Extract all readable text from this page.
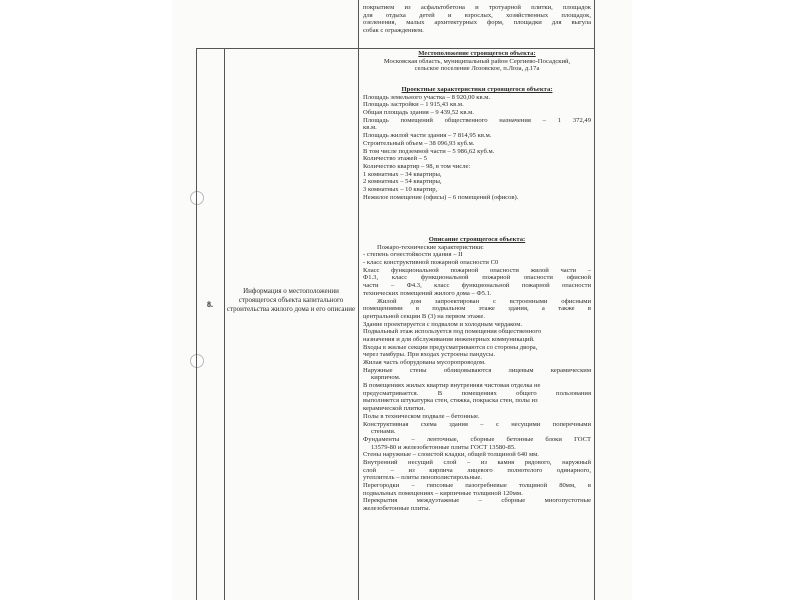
8.
Информация о местоположении строящегося объекта капитального строительства жилого дома и его описание
покрытием из асфальтобетона и тротуарной плитки, площадок
для отдыха детей и взрослых, хозяйственных площадок,
озеленения, малых архитектурных форм, площадки для выгула
собак с ограждением.
Местоположение строящегося объекта:
Московская область, муниципальный район Сергиево-Посадский, сельское поселение Лозовское, п.Лоза, д.17а
Проектные характеристики строящегося объекта:
Площадь земельного участка – 8 920,00 кв.м.
Площадь застройки – 1 915,43 кв.м.
Общая площадь здания – 9 439,52 кв.м.
Площадь помещений общественного назначения – 1 372,49
кв.м.
Площадь жилой части здания – 7 814,95 кв.м.
Строительный объем – 38 096,93 куб.м.
В том числе подземной части – 5 986,62 куб.м.
Количество этажей – 5
Количество квартир – 98, в том числе:
1 комнатных – 34 квартиры,
2 комнатных – 54 квартиры,
3 комнатных – 10 квартир,
Нежилое помещение (офисы) – 6 помещений (офисов).
Описание строящегося объекта:
Пожаро-технические характеристики:
- степень огнестойкости здания – II
- класс конструктивной пожарной опасности С0
Класс функциональной пожарной опасности жилой части –
Ф1.3, класс функциональной пожарной опасности офисной
части – Ф4.3, класс функциональной пожарной опасности
технических помещений жилого дома – Ф5.1.
Жилой дом запроектирован с встроенными офисными
помещениями в подвальном этаже здания, а также в
центральной секции В (3) на первом этаже.
Здание проектируется с подвалом и холодным чердаком.
Подвальный этаж используется под помещения общественного
назначения и для обслуживания инженерных коммуникаций.
Входы в жилые секции предусматриваются со стороны двора,
через тамбуры. При входах устроены пандусы.
Жилая часть оборудована мусоропроводом.
Наружные стены облицовываются лицевым керамическим
кирпичом.
В помещениях жилых квартир внутренняя чистовая отделка не
предусматривается. В помещениях общего пользования
выполняется штукатурка стен, стяжка, покраска стен, полы из
керамической плитки.
Полы в техническом подвале – бетонные.
Конструктивная схема здания – с несущими поперечными
стенами.
Фундаменты – ленточные, сборные бетонные блоки ГОСТ
13579-80 и железобетонные плиты ГОСТ 13580-85.
Стены наружные – слоистой кладки, общей толщиной 640 мм.
Внутренний несущий слой – из камня рядового, наружный
слой – из кирпича лицевого полнотелого одинарного,
утеплитель – плиты пенополистирольные.
Перегородки – гипсовые пазогребневые толщиной 80мм, в
подвальных помещениях – кирпичные толщиной 120мм.
Перекрытия междуэтажные – сборные многопустотные
железобетонные плиты.
